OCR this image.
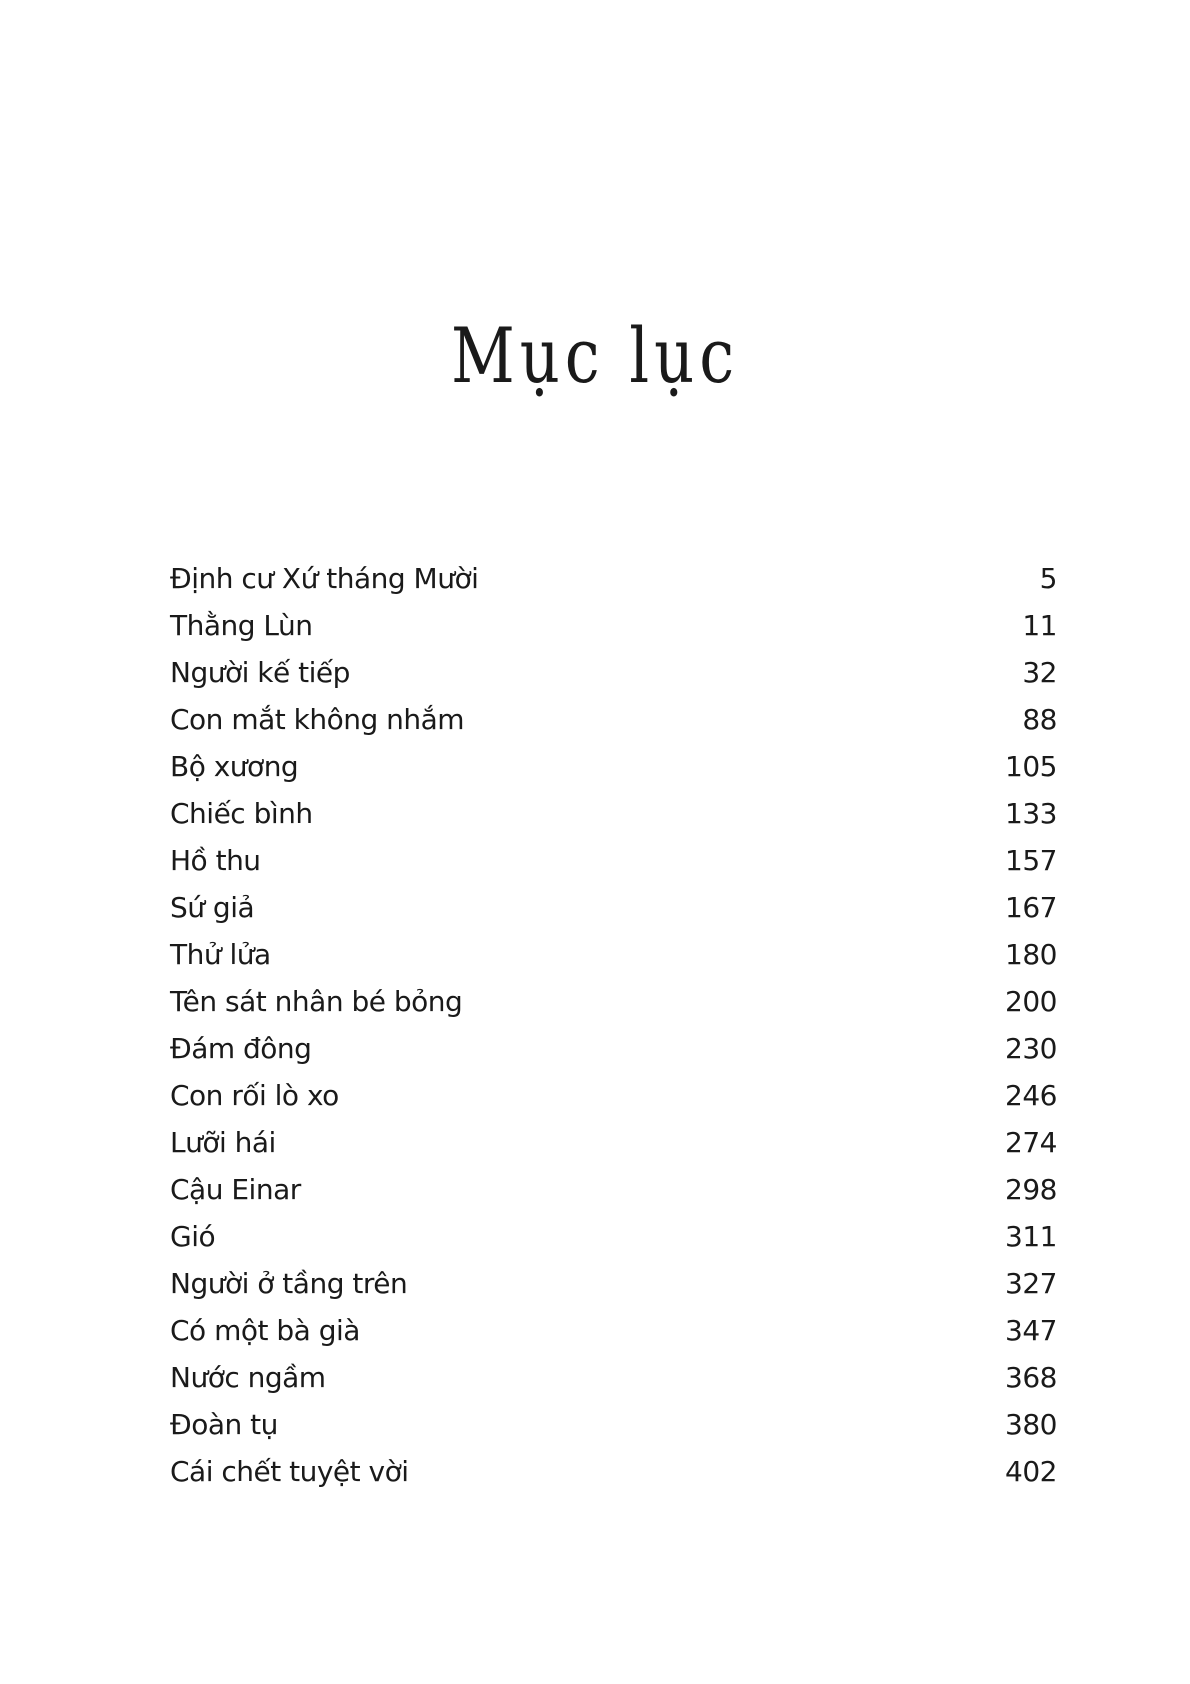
Mục lục
Định cư Xứ tháng Mười	5
Thằng Lùn	11
Người kế tiếp	32
Con mắt không nhắm	88
Bộ xương	105
Chiếc bình	133
Hồ thu	157
Sứ giả	167
Thử lửa	180
Tên sát nhân bé bỏng	200
Đám đông	230
Con rối lò xo	246
Lưỡi hái	274
Cậu Einar	298
Gió	311
Người ở tầng trên	327
Có một bà già	347
Nước ngầm	368
Đoàn tụ	380
Cái chết tuyệt vời	402
